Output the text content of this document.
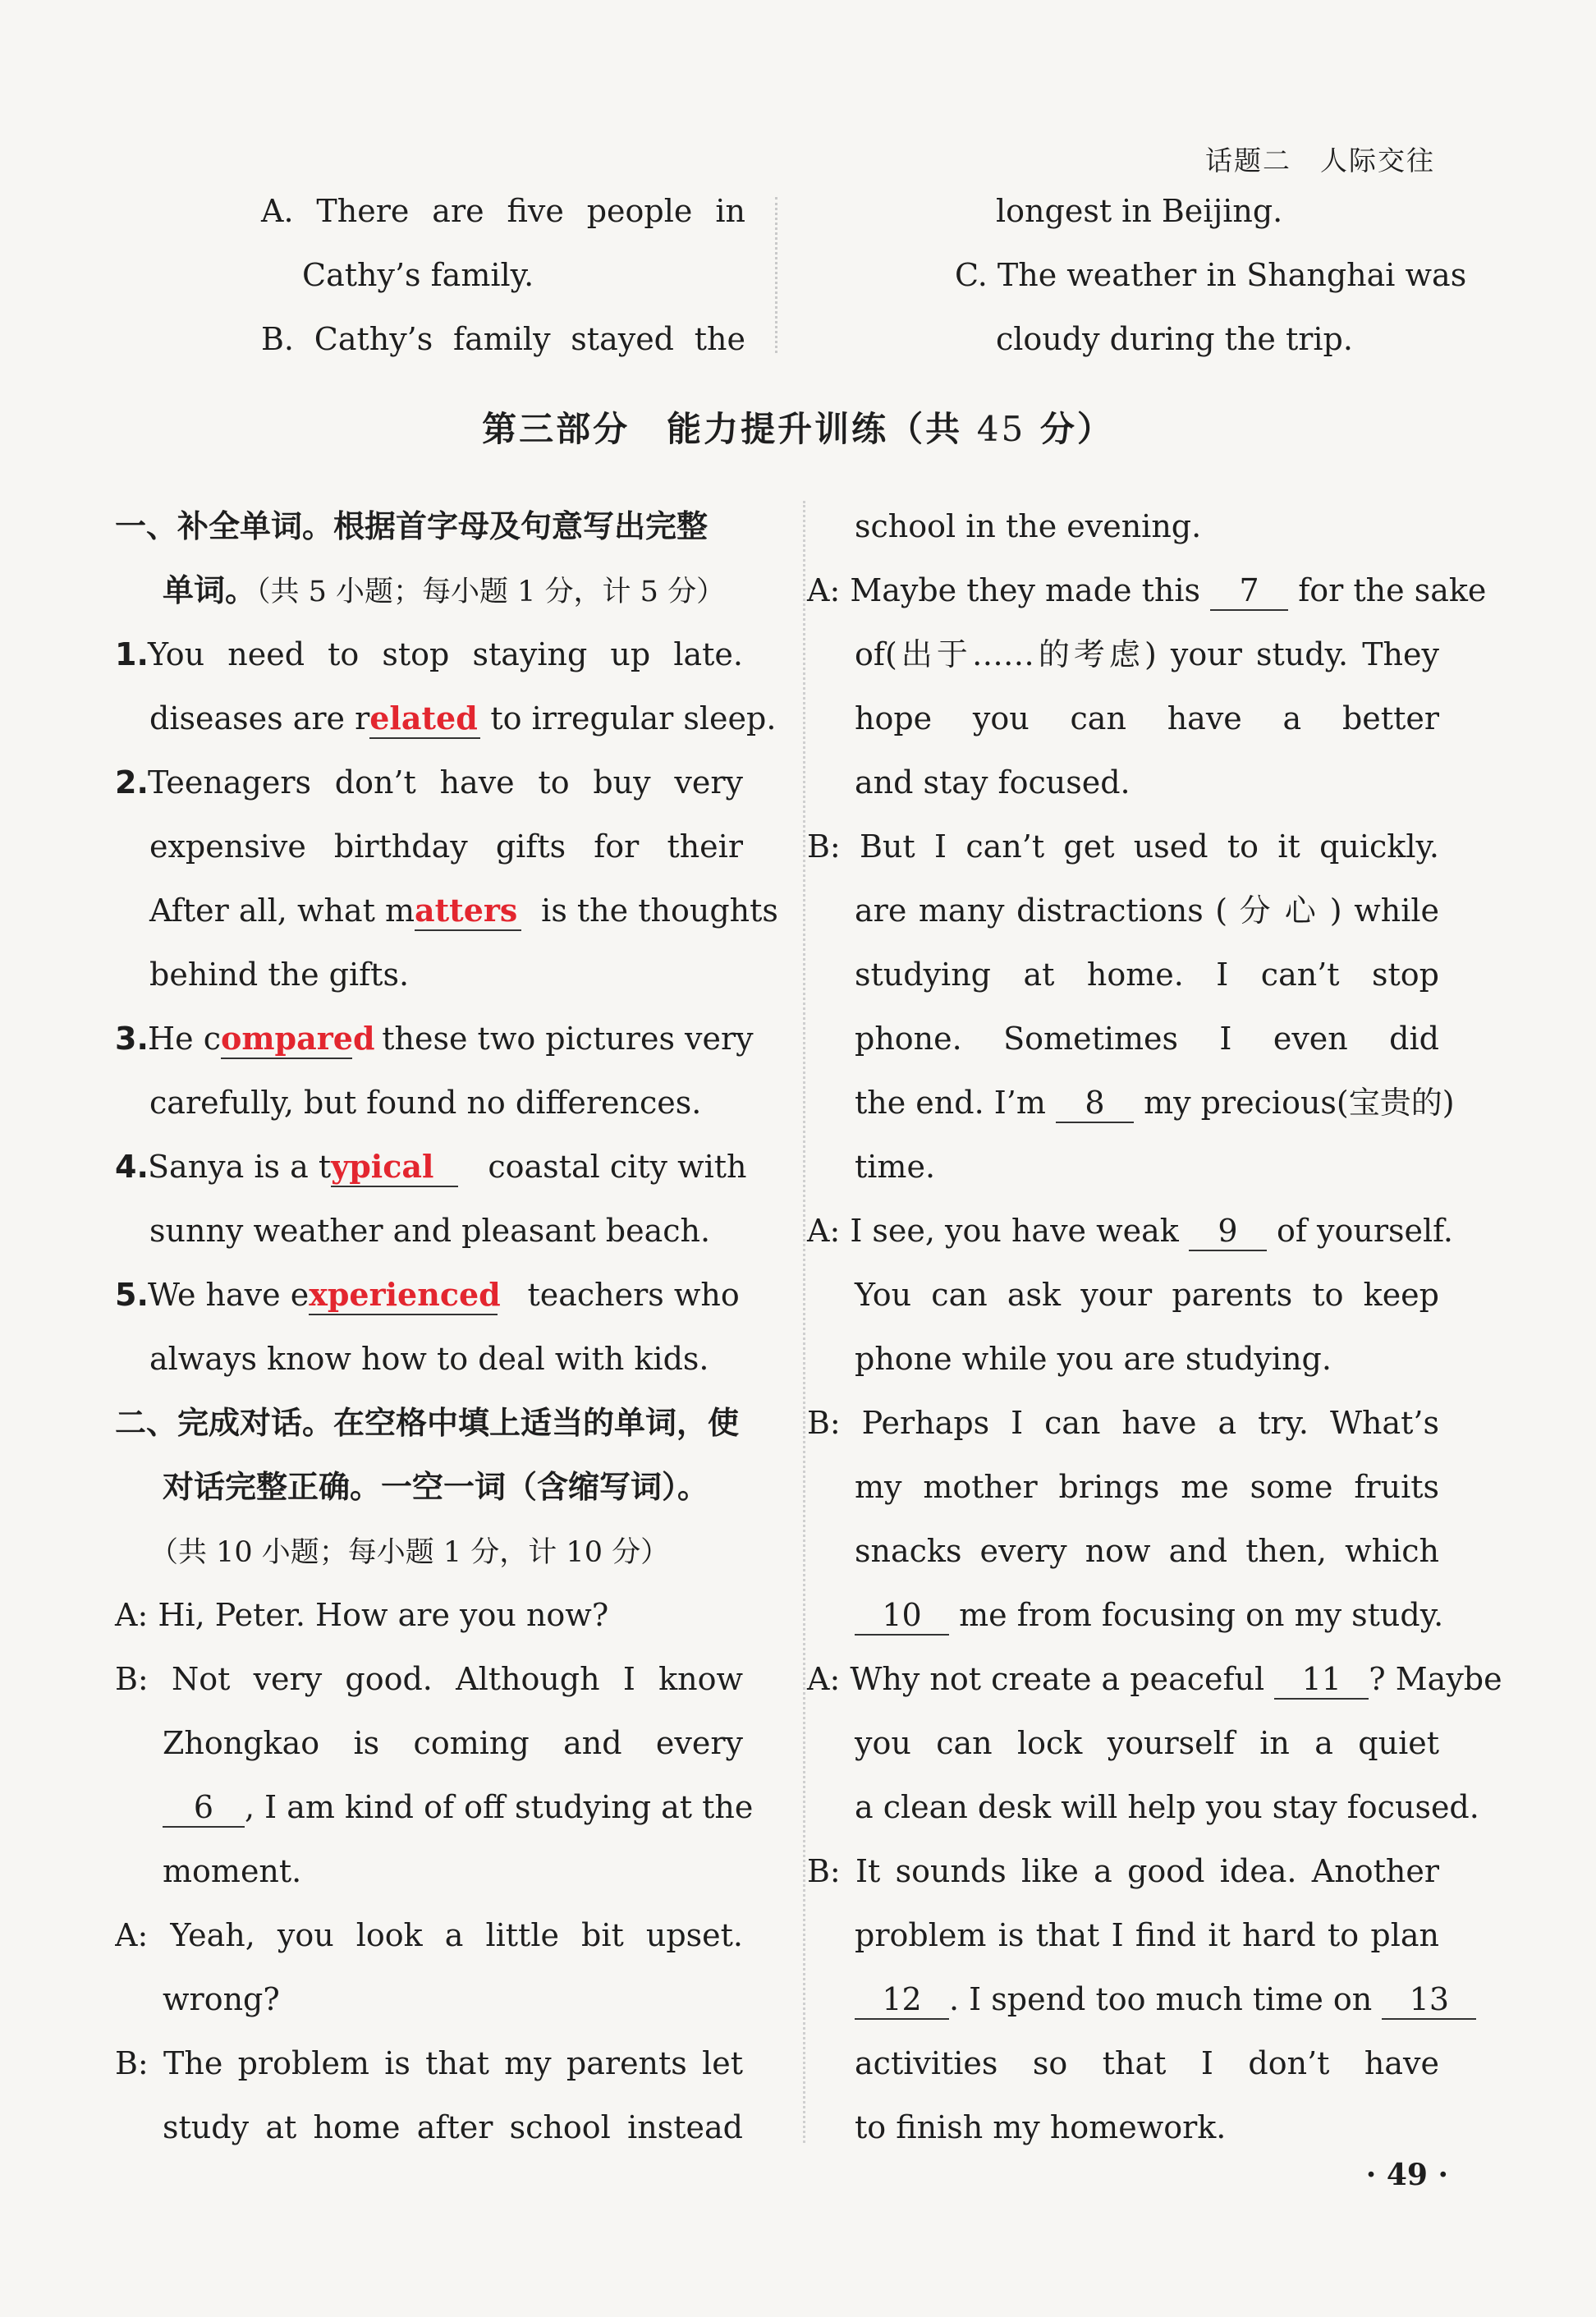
话题二　人际交往
A. There are five people in
Cathy’s family.
B. Cathy’s family stayed the
longest in Beijing.
C. The weather in Shanghai was
cloudy during the trip.
第三部分　能力提升训练（共 45 分）
一、补全单词。根据首字母及句意写出完整
单词。（共 5 小题；每小题 1 分，计 5 分）
1.You need to stop staying up late.
diseases are related to irregular sleep.
2.Teenagers don’t have to buy very
expensive birthday gifts for their
After all, what matters is the thoughts
behind the gifts.
3.He compared these two pictures very
carefully, but found no differences.
4.Sanya is a typical coastal city with
sunny weather and pleasant beach.
5.We have experienced teachers who
always know how to deal with kids.
二、完成对话。在空格中填上适当的单词，使
对话完整正确。一空一词（含缩写词）。
（共 10 小题；每小题 1 分，计 10 分）
A: Hi, Peter. How are you now?
B: Not very good. Although I know
Zhongkao is coming and every
6 , I am kind of off studying at the
moment.
A: Yeah, you look a little bit upset.
wrong?
B: The problem is that my parents let
study at home after school instead
school in the evening.
A: Maybe they made this 7 for the sake
of(出于……的考虑) your study. They
hope you can have a better
and stay focused.
B: But I can’t get used to it quickly.
are many distractions ( 分 心 ) while
studying at home. I can’t stop
phone. Sometimes I even did
the end. I’m 8 my precious(宝贵的)
time.
A: I see, you have weak 9 of yourself.
You can ask your parents to keep
phone while you are studying.
B: Perhaps I can have a try. What’s
my mother brings me some fruits
snacks every now and then, which
10 me from focusing on my study.
A: Why not create a peaceful 11 ? Maybe
you can lock yourself in a quiet
a clean desk will help you stay focused.
B: It sounds like a good idea. Another
problem is that I find it hard to plan
12 . I spend too much time on 13
activities so that I don’t have
to finish my homework.
· 49 ·
